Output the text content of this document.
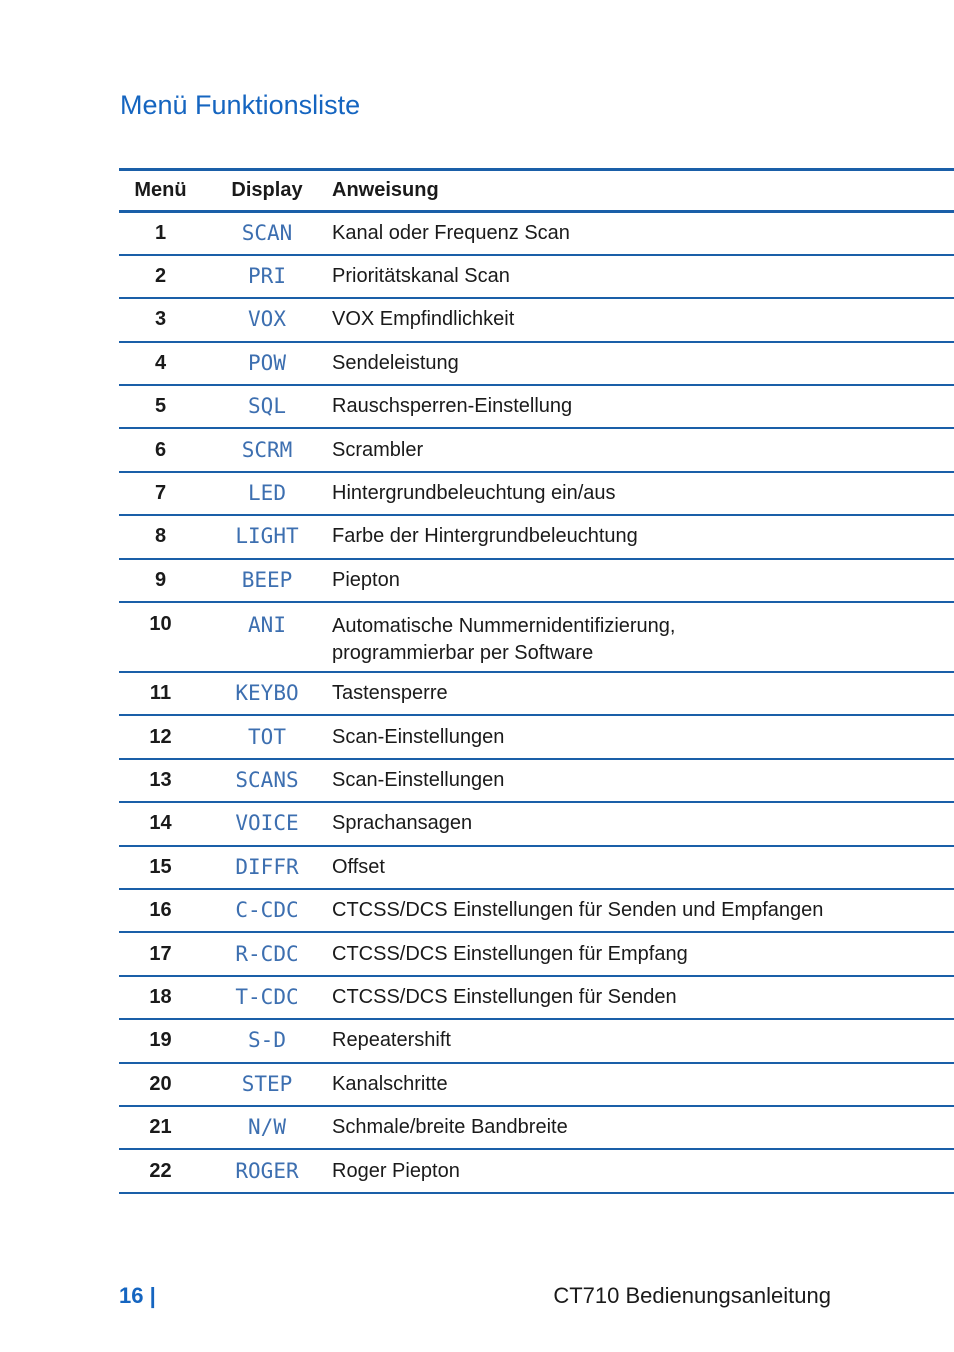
Menü Funktionsliste
Menü	Display	Anweisung
1	SCAN	Kanal oder Frequenz Scan
2	PRI	Prioritätskanal Scan
3	VOX	VOX Empfindlichkeit
4	POW	Sendeleistung
5	SQL	Rauschsperren-Einstellung
6	SCRM	Scrambler
7	LED	Hintergrundbeleuchtung ein/aus
8	LIGHT	Farbe der Hintergrundbeleuchtung
9	BEEP	Piepton
10	ANI	Automatische Nummernidentifizierung,
programmierbar per Software

11	KEYBO	Tastensperre
12	TOT	Scan-Einstellungen
13	SCANS	Scan-Einstellungen
14	VOICE	Sprachansagen
15	DIFFR	Offset
16	C-CDC	CTCSS/DCS Einstellungen für Senden und Empfangen
17	R-CDC	CTCSS/DCS Einstellungen für Empfang
18	T-CDC	CTCSS/DCS Einstellungen für Senden
19	S-D	Repeatershift
20	STEP	Kanalschritte
21	N/W	Schmale/breite Bandbreite
22	ROGER	Roger Piepton
16 |	CT710 Bedienungsanleitung
